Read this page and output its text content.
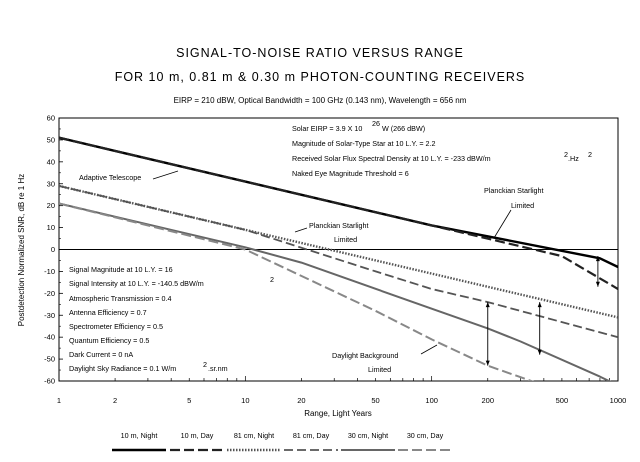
SIGNAL-TO-NOISE RATIO VERSUS RANGE
FOR 10 m, 0.81 m & 0.30 m PHOTON-COUNTING RECEIVERS
EIRP = 210 dBW, Optical Bandwidth = 100 GHz (0.143 nm), Wavelength = 656 nm
60
50
40
30
20
10
0
-10
-20
-30
-40
-50
-60
1	2	5	10	20	50	100	200	500	1000
Solar EIRP = 3.9 X 10
26
W (266 dBW)
Magnitude of Solar-Type Star at 10 L.Y. = 2.2
Received Solar Flux Spectral Density at 10 L.Y. = -233 dBW/m	2 .Hz 2
Naked Eye Magnitude Threshold = 6
Signal Magnitude at 10 L.Y. = 16
Signal Intensity at 10 L.Y. = -140.5 dBW/m	2
Atmospheric Transmission = 0.4
Antenna Efficiency = 0.7
Spectrometer Efficiency = 0.5
Quantum Efficiency = 0.5
Dark Current = 0 nA
Daylight Sky Radiance = 0.1 W/m	2 .sr.nm
Adaptive Telescope
Planckian Starlight
Limited
Planckian Starlight
Limited
Daylight Background
Limited
Range, Light Years
Postdetection Normalized SNR, dB re 1 Hz
10 m, Night	10 m, Day	81 cm, Night	81 cm, Day	30 cm, Night	30 cm, Day
